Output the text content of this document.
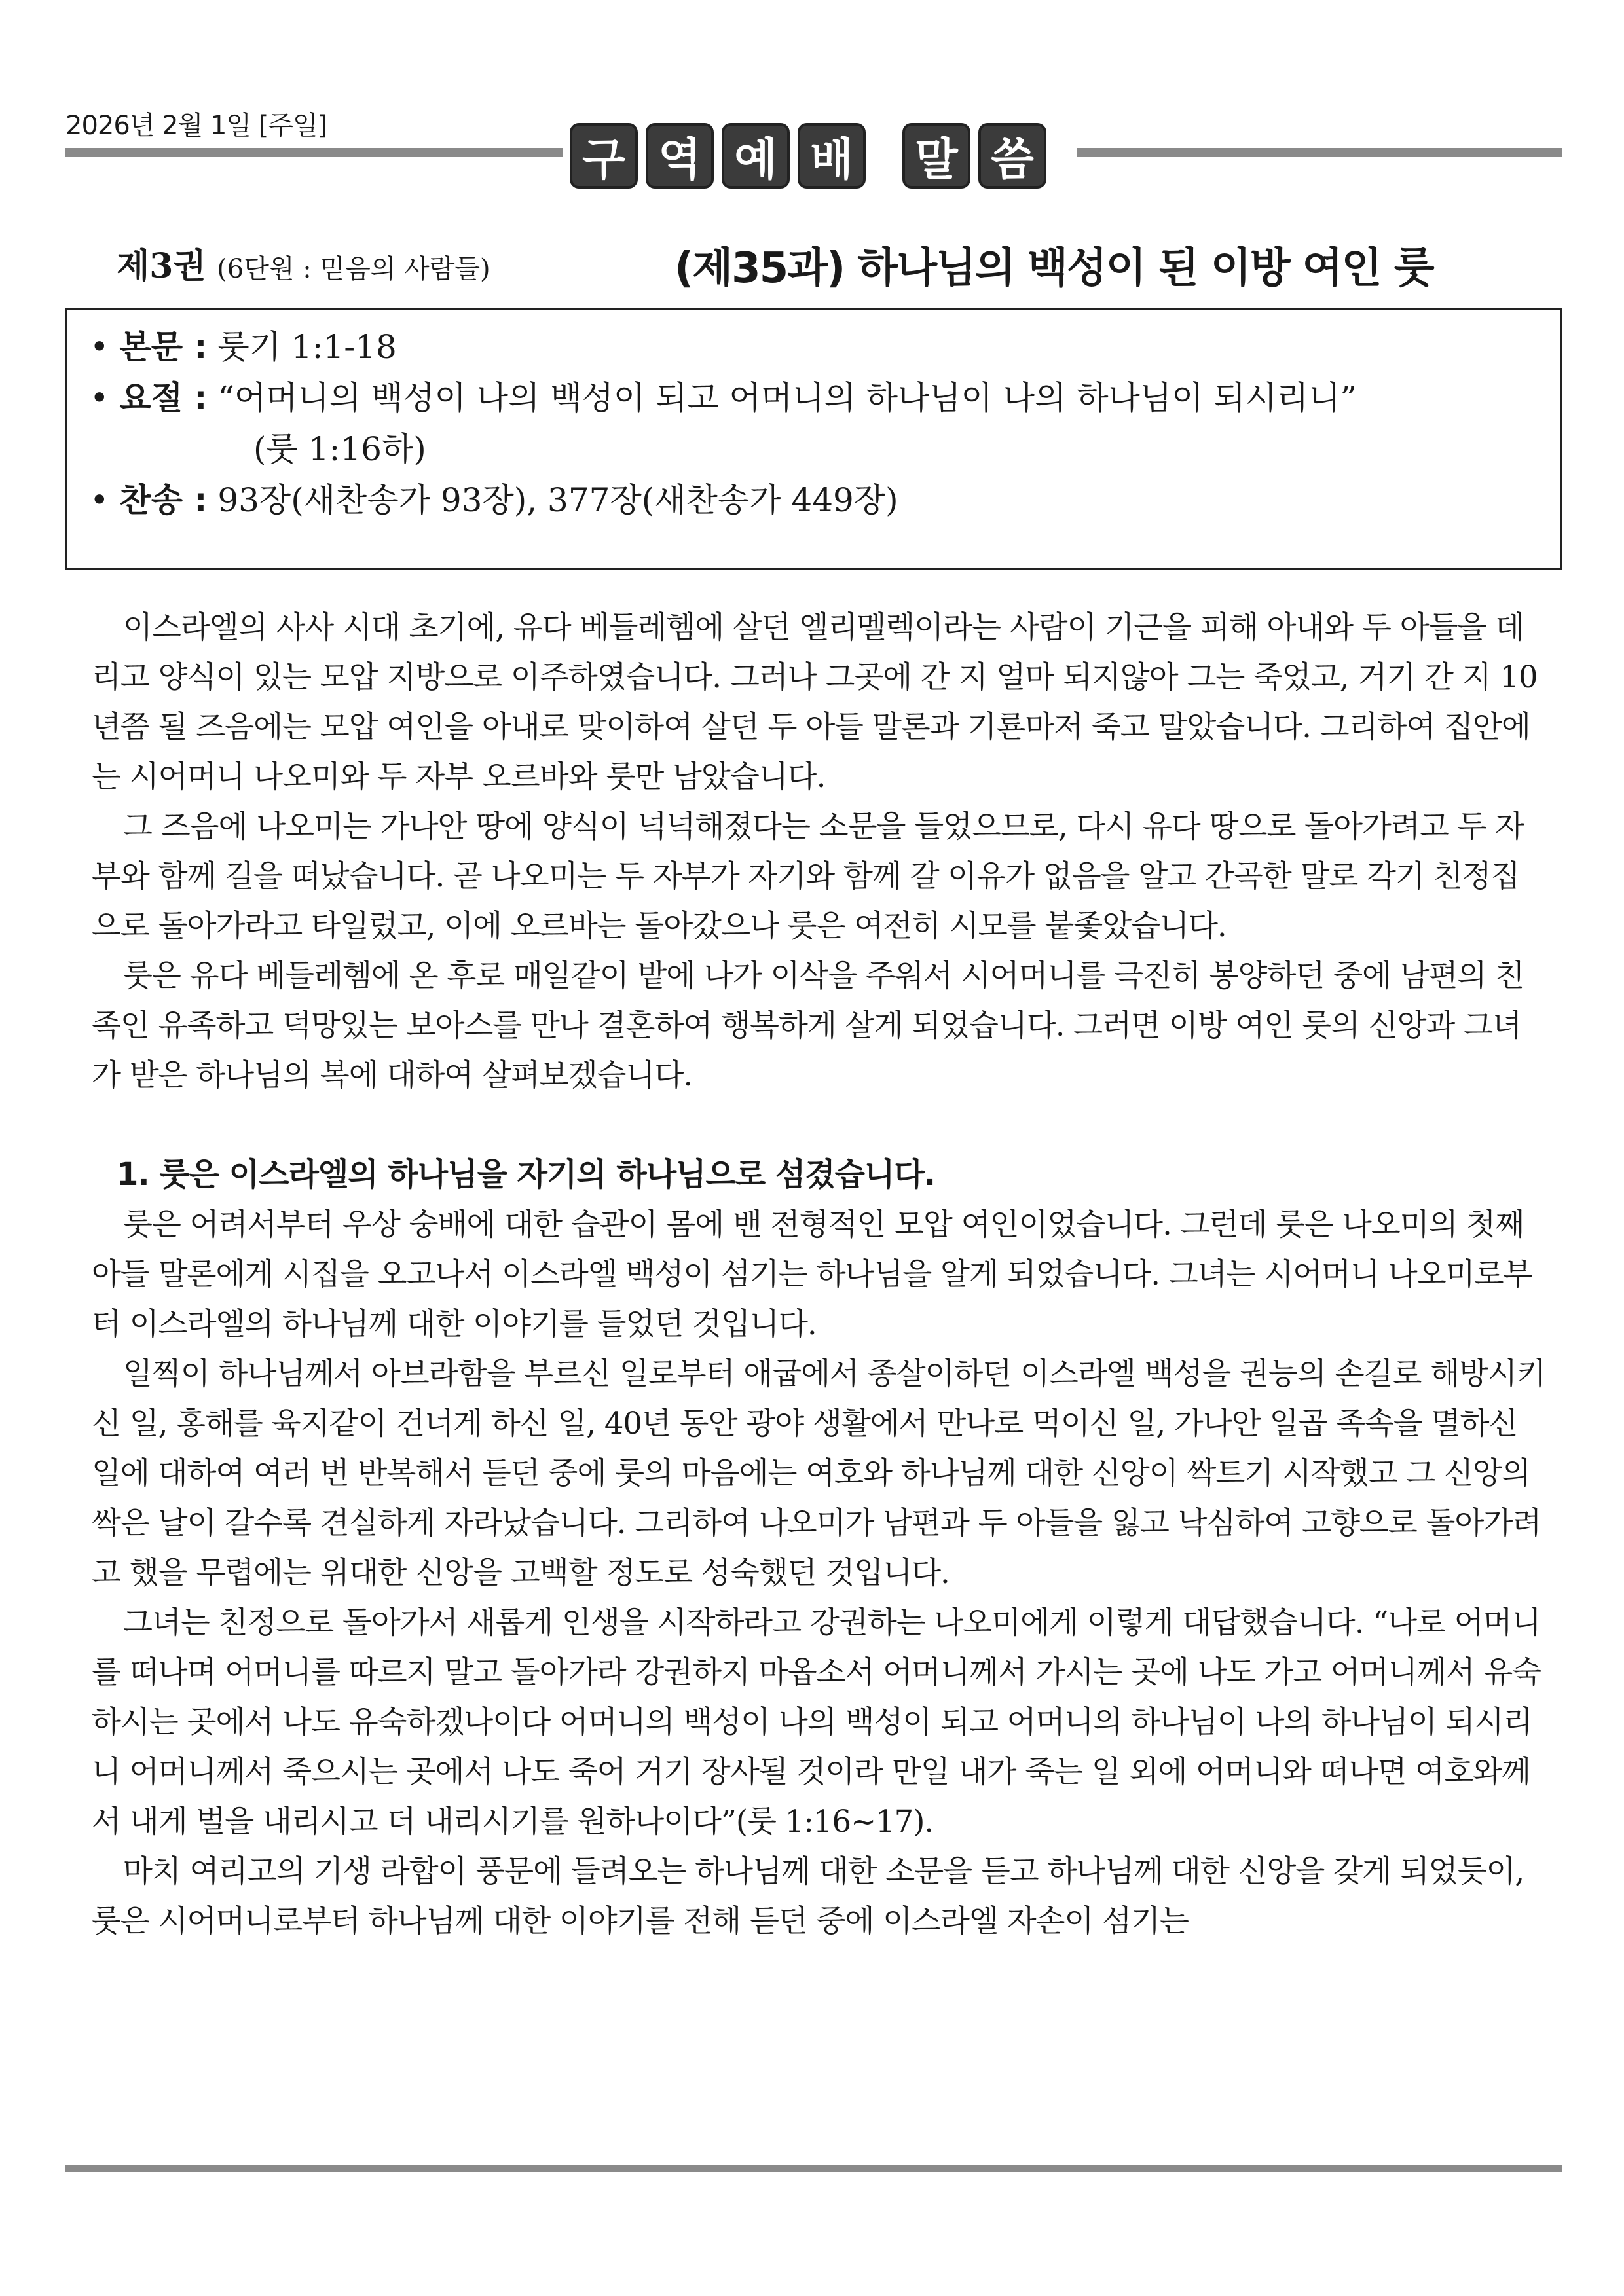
2026년 2월 1일 [주일]
구 역 예 배 말 씀
제3권 (6단원 : 믿음의 사람들)	(제35과) 하나님의 백성이 된 이방 여인 룻
• 본문 : 룻기 1:1-18
• 요절 : “어머니의 백성이 나의 백성이 되고 어머니의 하나님이 나의 하나님이 되시리니”
(룻 1:16하)
• 찬송 : 93장(새찬송가 93장), 377장(새찬송가 449장)

이스라엘의 사사 시대 초기에, 유다 베들레헴에 살던 엘리멜렉이라는 사람이 기근을 피해 아내와 두 아들을 데리고 양식이 있는 모압 지방으로 이주하였습니다. 그러나 그곳에 간 지 얼마 되지않아 그는 죽었고, 거기 간 지 10년쯤 될 즈음에는 모압 여인을 아내로 맞이하여 살던 두 아들 말론과 기룐마저 죽고 말았습니다. 그리하여 집안에는 시어머니 나오미와 두 자부 오르바와 룻만 남았습니다.

그 즈음에 나오미는 가나안 땅에 양식이 넉넉해졌다는 소문을 들었으므로, 다시 유다 땅으로 돌아가려고 두 자부와 함께 길을 떠났습니다. 곧 나오미는 두 자부가 자기와 함께 갈 이유가 없음을 알고 간곡한 말로 각기 친정집으로 돌아가라고 타일렀고, 이에 오르바는 돌아갔으나 룻은 여전히 시모를 붙좇았습니다.

룻은 유다 베들레헴에 온 후로 매일같이 밭에 나가 이삭을 주워서 시어머니를 극진히 봉양하던 중에 남편의 친족인 유족하고 덕망있는 보아스를 만나 결혼하여 행복하게 살게 되었습니다. 그러면 이방 여인 룻의 신앙과 그녀가 받은 하나님의 복에 대하여 살펴보겠습니다.

1. 룻은 이스라엘의 하나님을 자기의 하나님으로 섬겼습니다.

룻은 어려서부터 우상 숭배에 대한 습관이 몸에 밴 전형적인 모압 여인이었습니다. 그런데 룻은 나오미의 첫째 아들 말론에게 시집을 오고나서 이스라엘 백성이 섬기는 하나님을 알게 되었습니다. 그녀는 시어머니 나오미로부터 이스라엘의 하나님께 대한 이야기를 들었던 것입니다.

일찍이 하나님께서 아브라함을 부르신 일로부터 애굽에서 종살이하던 이스라엘 백성을 권능의 손길로 해방시키신 일, 홍해를 육지같이 건너게 하신 일, 40년 동안 광야 생활에서 만나로 먹이신 일, 가나안 일곱 족속을 멸하신 일에 대하여 여러 번 반복해서 듣던 중에 룻의 마음에는 여호와 하나님께 대한 신앙이 싹트기 시작했고 그 신앙의 싹은 날이 갈수록 견실하게 자라났습니다. 그리하여 나오미가 남편과 두 아들을 잃고 낙심하여 고향으로 돌아가려고 했을 무렵에는 위대한 신앙을 고백할 정도로 성숙했던 것입니다.

그녀는 친정으로 돌아가서 새롭게 인생을 시작하라고 강권하는 나오미에게 이렇게 대답했습니다. “나로 어머니를 떠나며 어머니를 따르지 말고 돌아가라 강권하지 마옵소서 어머니께서 가시는 곳에 나도 가고 어머니께서 유숙하시는 곳에서 나도 유숙하겠나이다 어머니의 백성이 나의 백성이 되고 어머니의 하나님이 나의 하나님이 되시리니 어머니께서 죽으시는 곳에서 나도 죽어 거기 장사될 것이라 만일 내가 죽는 일 외에 어머니와 떠나면 여호와께서 내게 벌을 내리시고 더 내리시기를 원하나이다”(룻 1:16~17).

마치 여리고의 기생 라합이 풍문에 들려오는 하나님께 대한 소문을 듣고 하나님께 대한 신앙을 갖게 되었듯이, 룻은 시어머니로부터 하나님께 대한 이야기를 전해 듣던 중에 이스라엘 자손이 섬기는
